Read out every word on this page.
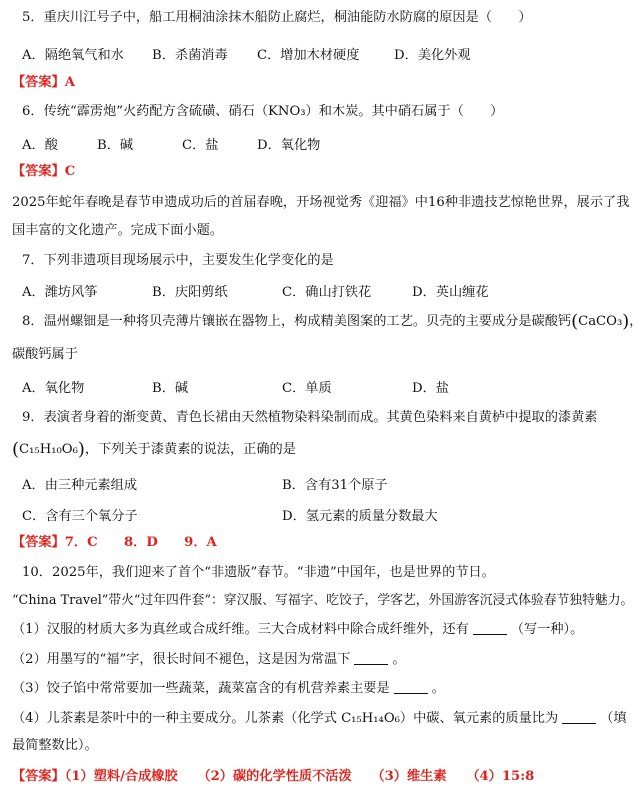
5．重庆川江号子中，船工用桐油涂抹木船防止腐烂，桐油能防水防腐的原因是（　　）
A．隔绝氧气和水 B．杀菌消毒 C．增加木材硬度	D．美化外观
【答案】A
6．传统“霹雳炮”火药配方含硫磺、硝石（KNO₃）和木炭。其中硝石属于（　　）
A．酸	B．碱	C．盐	D．氧化物
【答案】C
2025年蛇年春晚是春节申遗成功后的首届春晚，开场视觉秀《迎福》中16种非遗技艺惊艳世界，展示了我
国丰富的文化遗产。完成下面小题。
7．下列非遗项目现场展示中，主要发生化学变化的是
A．潍坊风筝	B．庆阳剪纸	C．确山打铁花	D．英山缠花
8．温州螺钿是一种将贝壳薄片镶嵌在器物上，构成精美图案的工艺。贝壳的主要成分是碳酸钙(CaCO₃)，
碳酸钙属于
A．氧化物	B．碱	C．单质	D．盐
9．表演者身着的渐变黄、青色长裙由天然植物染料染制而成。其黄色染料来自黄栌中提取的漆黄素
(C₁₅H₁₀O₆)，下列关于漆黄素的说法，正确的是
A．由三种元素组成	B．含有31个原子
C．含有三个氧分子	D．氢元素的质量分数最大
【答案】7．C　　8．D　　9．A
10．2025年，我们迎来了首个“非遗版”春节。“非遗”中国年，也是世界的节日。
“China Travel”带火“过年四件套”：穿汉服、写福字、吃饺子，学客艺，外国游客沉浸式体验春节独特魅力。
（1）汉服的材质大多为真丝或合成纤维。三大合成材料中除合成纤维外，还有	（写一种）。
（2）用墨写的“福”字，很长时间不褪色，这是因为常温下	。
（3）饺子馅中常常要加一些蔬菜，蔬菜富含的有机营养素主要是	。
（4）儿茶素是茶叶中的一种主要成分。儿茶素（化学式 C₁₅H₁₄O₆）中碳、氧元素的质量比为	（填
最简整数比）。
【答案】（1）塑料/合成橡胶　　（2）碳的化学性质不活泼　　（3）维生素　　（4）15:8
